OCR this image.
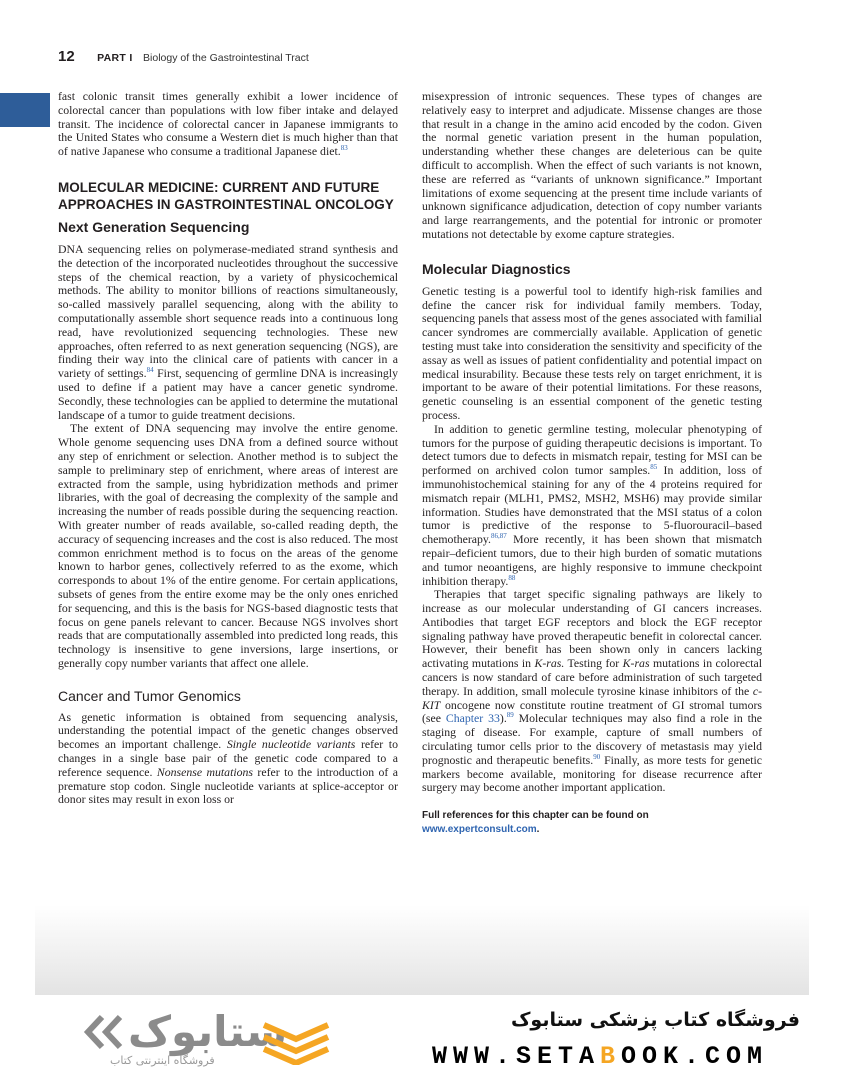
12 PART I Biology of the Gastrointestinal Tract

fast colonic transit times generally exhibit a lower incidence of colorectal cancer than populations with low fiber intake and delayed transit. The incidence of colorectal cancer in Japanese immigrants to the United States who consume a Western diet is much higher than that of native Japanese who consume a traditional Japanese diet.$^{83}$

MOLECULAR MEDICINE: CURRENT AND FUTURE APPROACHES IN GASTROINTESTINAL ONCOLOGY
Next Generation Sequencing

DNA sequencing relies on polymerase-mediated strand synthesis and the detection of the incorporated nucleotides throughout the successive steps of the chemical reaction, by a variety of physicochemical methods. The ability to monitor billions of reactions simultaneously, so-called massively parallel sequencing, along with the ability to computationally assemble short sequence reads into a continuous long read, have revolutionized sequencing technologies. These new approaches, often referred to as next generation sequencing (NGS), are finding their way into the clinical care of patients with cancer in a variety of settings.$^{84}$ First, sequencing of germline DNA is increasingly used to define if a patient may have a cancer genetic syndrome. Secondly, these technologies can be applied to determine the mutational landscape of a tumor to guide treatment decisions.

The extent of DNA sequencing may involve the entire genome. Whole genome sequencing uses DNA from a defined source without any step of enrichment or selection. Another method is to subject the sample to preliminary step of enrichment, where areas of interest are extracted from the sample, using hybridization methods and primer libraries, with the goal of decreasing the complexity of the sample and increasing the number of reads possible during the sequencing reaction. With greater number of reads available, so-called reading depth, the accuracy of sequencing increases and the cost is also reduced. The most common enrichment method is to focus on the areas of the genome known to harbor genes, collectively referred to as the exome, which corresponds to about 1% of the entire genome. For certain applications, subsets of genes from the entire exome may be the only ones enriched for sequencing, and this is the basis for NGS-based diagnostic tests that focus on gene panels relevant to cancer. Because NGS involves short reads that are computationally assembled into predicted long reads, this technology is insensitive to gene inversions, large insertions, or generally copy number variants that affect one allele.

Cancer and Tumor Genomics

As genetic information is obtained from sequencing analysis, understanding the potential impact of the genetic changes observed becomes an important challenge. Single nucleotide variants refer to changes in a single base pair of the genetic code compared to a reference sequence. Nonsense mutations refer to the introduction of a premature stop codon. Single nucleotide variants at splice-acceptor or donor sites may result in exon loss or

misexpression of intronic sequences. These types of changes are relatively easy to interpret and adjudicate. Missense changes are those that result in a change in the amino acid encoded by the codon. Given the normal genetic variation present in the human population, understanding whether these changes are deleterious can be quite difficult to accomplish. When the effect of such variants is not known, these are referred as “variants of unknown significance.” Important limitations of exome sequencing at the present time include variants of unknown significance adjudication, detection of copy number variants and large rearrangements, and the potential for intronic or promoter mutations not detectable by exome capture strategies.

Molecular Diagnostics

Genetic testing is a powerful tool to identify high-risk families and define the cancer risk for individual family members. Today, sequencing panels that assess most of the genes associated with familial cancer syndromes are commercially available. Application of genetic testing must take into consideration the sensitivity and specificity of the assay as well as issues of patient confidentiality and potential impact on medical insurability. Because these tests rely on target enrichment, it is important to be aware of their potential limitations. For these reasons, genetic counseling is an essential component of the genetic testing process.

In addition to genetic germline testing, molecular phenotyping of tumors for the purpose of guiding therapeutic decisions is important. To detect tumors due to defects in mismatch repair, testing for MSI can be performed on archived colon tumor samples.$^{85}$ In addition, loss of immunohistochemical staining for any of the 4 proteins required for mismatch repair (MLH1, PMS2, MSH2, MSH6) may provide similar information. Studies have demonstrated that the MSI status of a colon tumor is predictive of the response to 5-fluorouracil–based chemotherapy.$^{86,87}$ More recently, it has been shown that mismatch repair–deficient tumors, due to their high burden of somatic mutations and tumor neoantigens, are highly responsive to immune checkpoint inhibition therapy.$^{88}$

Therapies that target specific signaling pathways are likely to increase as our molecular understanding of GI cancers increases. Antibodies that target EGF receptors and block the EGF receptor signaling pathway have proved therapeutic benefit in colorectal cancer. However, their benefit has been shown only in cancers lacking activating mutations in K-ras. Testing for K-ras mutations in colorectal cancers is now standard of care before administration of such targeted therapy. In addition, small molecule tyrosine kinase inhibitors of the c-KIT oncogene now constitute routine treatment of GI stromal tumors (see Chapter 33).$^{89}$ Molecular techniques may also find a role in the staging of disease. For example, capture of small numbers of circulating tumor cells prior to the discovery of metastasis may yield prognostic and therapeutic benefits.$^{90}$ Finally, as more tests for genetic markers become available, monitoring for disease recurrence after surgery may become another important application.

Full references for this chapter can be found on www.expertconsult.com.
ستابوک
فروشگاه اینترنتی کتاب
فروشگاه کتاب پزشکی ستابوک
WWW.SETABOOK.COM
